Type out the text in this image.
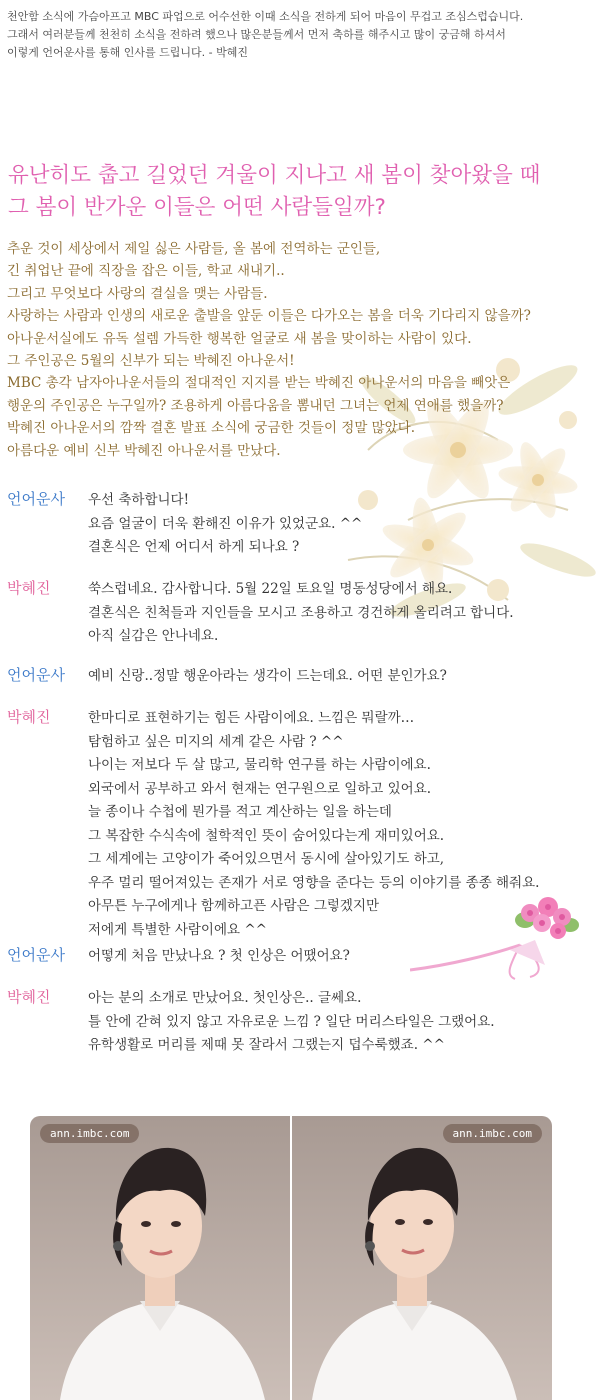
천안함 소식에 가슴아프고 MBC 파업으로 어수선한 이때 소식을 전하게 되어 마음이 무겁고 조심스럽습니다.
그래서 여러분들께 천천히 소식을 전하려 했으나 많은분들께서 먼저 축하를 해주시고 많이 궁금해 하셔서
이렇게 언어운사를 통해 인사를 드립니다. - 박혜진
유난히도 춥고 길었던 겨울이 지나고 새 봄이 찾아왔을 때
그 봄이 반가운 이들은 어떤 사람들일까?
추운 것이 세상에서 제일 싫은 사람들, 올 봄에 전역하는 군인들,
긴 취업난 끝에 직장을 잡은 이들, 학교 새내기..
그리고 무엇보다 사랑의 결실을 맺는 사람들.
사랑하는 사람과 인생의 새로운 출발을 앞둔 이들은 다가오는 봄을 더욱 기다리지 않을까?
아나운서실에도 유독 설렘 가득한 행복한 얼굴로 새 봄을 맞이하는 사람이 있다.
그 주인공은 5월의 신부가 되는 박혜진 아나운서!
MBC 총각 남자아나운서들의 절대적인 지지를 받는 박혜진 아나운서의 마음을 빼앗은
행운의 주인공은 누구일까? 조용하게 아름다움을 뽐내던 그녀는 언제 연애를 했을까?
박혜진 아나운서의 깜짝 결혼 발표 소식에 궁금한 것들이 정말 많았다.
아름다운 예비 신부 박혜진 아나운서를 만났다.
언어운사 우선 축하합니다!
요즘 얼굴이 더욱 환해진 이유가 있었군요. ^^
결혼식은 언제 어디서 하게 되나요 ?
박혜진	쑥스럽네요. 감사합니다. 5월 22일 토요일 명동성당에서 해요.
결혼식은 친척들과 지인들을 모시고 조용하고 경건하게 올리려고 합니다.
아직 실감은 안나네요.
언어운사 예비 신랑..정말 행운아라는 생각이 드는데요. 어떤 분인가요?
박혜진	한마디로 표현하기는 힘든 사람이에요. 느낌은 뭐랄까…
탐험하고 싶은 미지의 세계 같은 사람 ? ^^
나이는 저보다 두 살 많고, 물리학 연구를 하는 사람이에요.
외국에서 공부하고 와서 현재는 연구원으로 일하고 있어요.
늘 종이나 수첩에 뭔가를 적고 계산하는 일을 하는데
그 복잡한 수식속에 철학적인 뜻이 숨어있다는게 재미있어요.
그 세계에는 고양이가 죽어있으면서 동시에 살아있기도 하고,
우주 멀리 떨어져있는 존재가 서로 영향을 준다는 등의 이야기를 종종 해줘요.
아무튼 누구에게나 함께하고픈 사람은 그렇겠지만
저에게 특별한 사람이에요 ^^
언어운사 어떻게 처음 만났나요 ? 첫 인상은 어땠어요?
박혜진	아는 분의 소개로 만났어요. 첫인상은.. 글쎄요.
틀 안에 갇혀 있지 않고 자유로운 느낌 ? 일단 머리스타일은 그랬어요.
유학생활로 머리를 제때 못 잘라서 그랬는지 덥수룩했죠. ^^
ann.imbc.com	ann.imbc.com
